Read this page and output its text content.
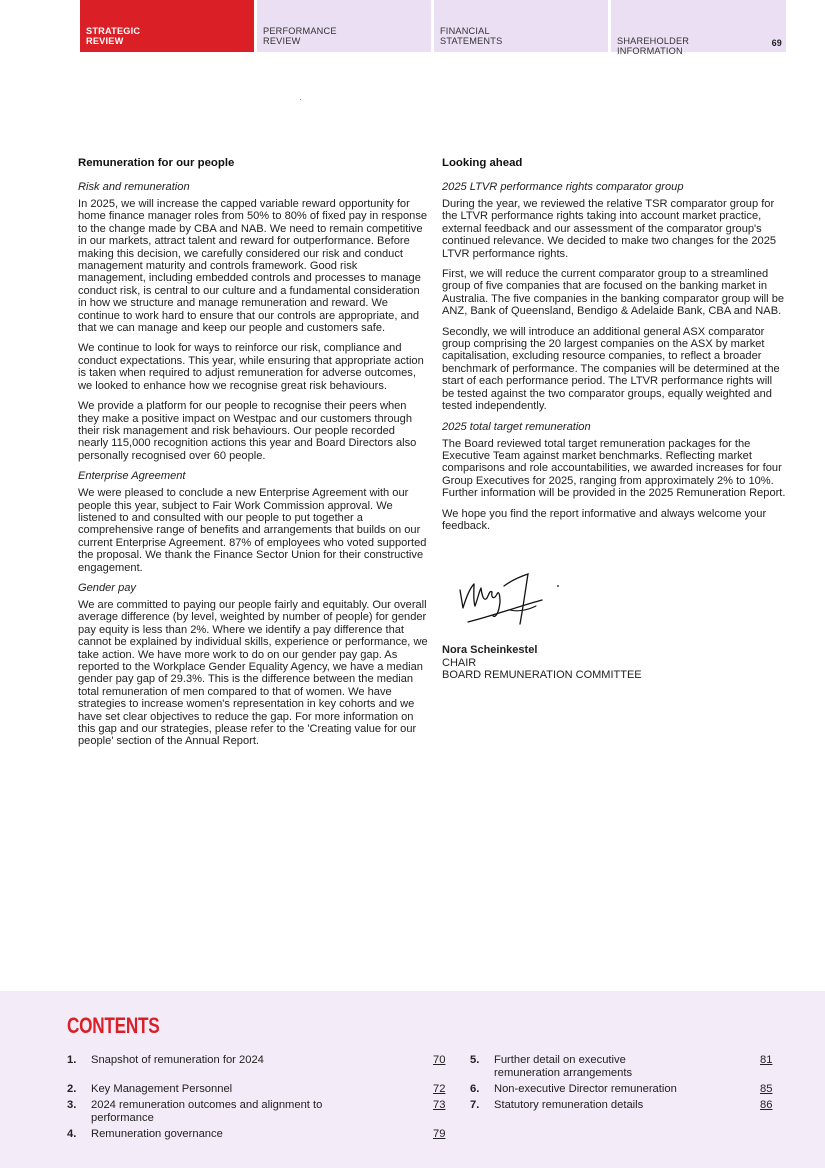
STRATEGIC
REVIEW
PERFORMANCE
REVIEW
FINANCIAL
STATEMENTS	SHAREHOLDER
INFORMATION

69

Remuneration for our people
Risk and remuneration

In 2025, we will increase the capped variable reward opportunity for home finance manager roles from 50% to 80% of fixed pay in response to the change made by CBA and NAB. We need to remain competitive in our markets, attract talent and reward for outperformance. Before making this decision, we carefully considered our risk and conduct management maturity and controls framework. Good risk management, including embedded controls and processes to manage conduct risk, is central to our culture and a fundamental consideration in how we structure and manage remuneration and reward. We continue to work hard to ensure that our controls are appropriate, and that we can manage and keep our people and customers safe.

We continue to look for ways to reinforce our risk, compliance and conduct expectations. This year, while ensuring that appropriate action is taken when required to adjust remuneration for adverse outcomes, we looked to enhance how we recognise great risk behaviours.

We provide a platform for our people to recognise their peers when they make a positive impact on Westpac and our customers through their risk management and risk behaviours. Our people recorded nearly 115,000 recognition actions this year and Board Directors also personally recognised over 60 people.

Enterprise Agreement

We were pleased to conclude a new Enterprise Agreement with our people this year, subject to Fair Work Commission approval. We listened to and consulted with our people to put together a comprehensive range of benefits and arrangements that builds on our current Enterprise Agreement. 87% of employees who voted supported the proposal. We thank the Finance Sector Union for their constructive engagement.

Gender pay

We are committed to paying our people fairly and equitably. Our overall average difference (by level, weighted by number of people) for gender pay equity is less than 2%. Where we identify a pay difference that cannot be explained by individual skills, experience or performance, we take action. We have more work to do on our gender pay gap. As reported to the Workplace Gender Equality Agency, we have a median gender pay gap of 29.3%. This is the difference between the median total remuneration of men compared to that of women. We have strategies to increase women's representation in key cohorts and we have set clear objectives to reduce the gap. For more information on this gap and our strategies, please refer to the 'Creating value for our people' section of the Annual Report.

Looking ahead
2025 LTVR performance rights comparator group

During the year, we reviewed the relative TSR comparator group for the LTVR performance rights taking into account market practice, external feedback and our assessment of the comparator group's continued relevance. We decided to make two changes for the 2025 LTVR performance rights.

First, we will reduce the current comparator group to a streamlined group of five companies that are focused on the banking market in Australia. The five companies in the banking comparator group will be ANZ, Bank of Queensland, Bendigo & Adelaide Bank, CBA and NAB.

Secondly, we will introduce an additional general ASX comparator group comprising the 20 largest companies on the ASX by market capitalisation, excluding resource companies, to reflect a broader benchmark of performance. The companies will be determined at the start of each performance period. The LTVR performance rights will be tested against the two comparator groups, equally weighted and tested independently.

2025 total target remuneration

The Board reviewed total target remuneration packages for the Executive Team against market benchmarks. Reflecting market comparisons and role accountabilities, we awarded increases for four Group Executives for 2025, ranging from approximately 2% to 10%. Further information will be provided in the 2025 Remuneration Report.

We hope you find the report informative and always welcome your feedback.

Nora Scheinkestel
CHAIR
BOARD REMUNERATION COMMITTEE
CONTENTS
1. Snapshot of remuneration for 2024	70
2. Key Management Personnel	72
3. 2024 remuneration outcomes and alignment to performance
73
4. Remuneration governance	79
5. Further detail on executive remuneration arrangements
81
6. Non-executive Director remuneration	85
7. Statutory remuneration details	86
